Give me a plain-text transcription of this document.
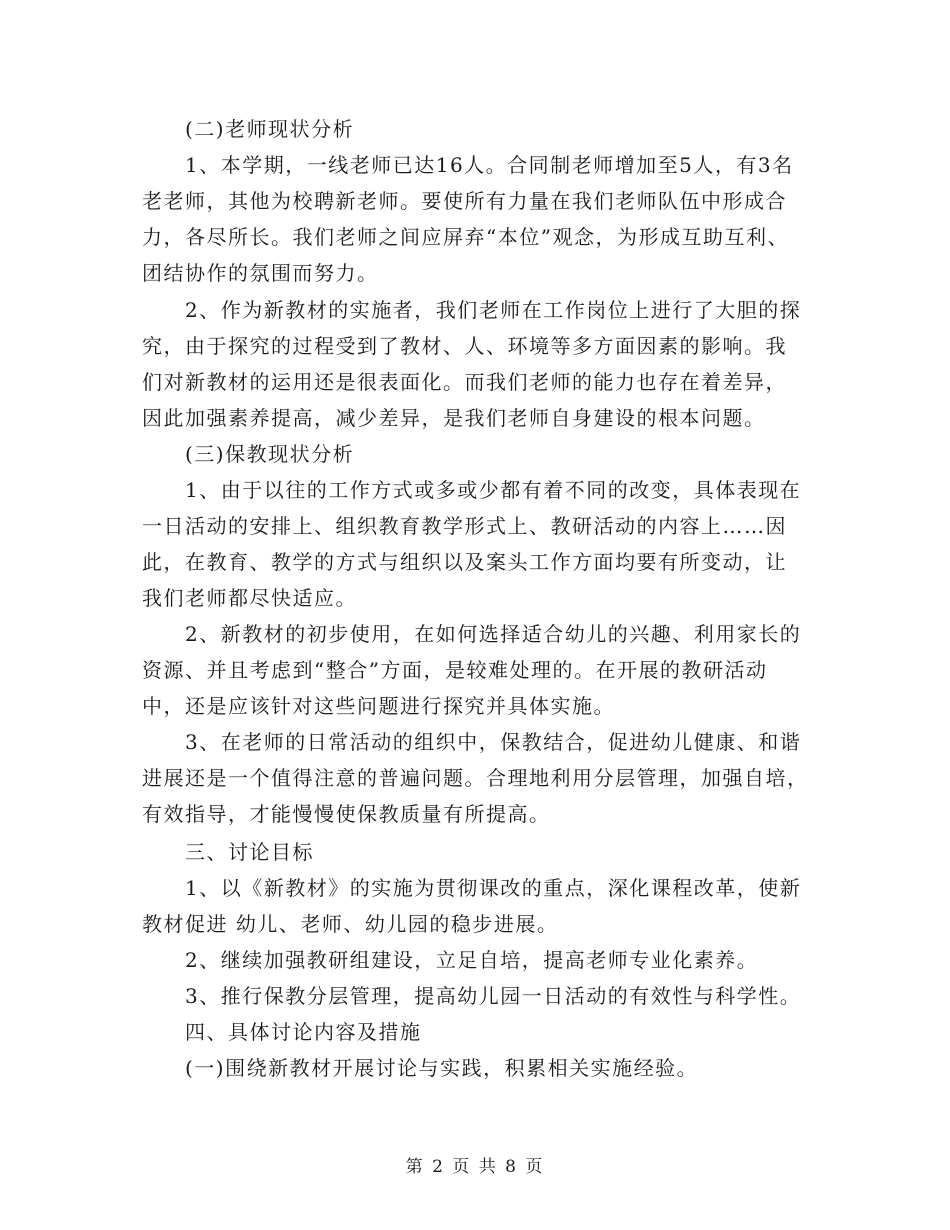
　　(二)老师现状分析
　　1、本学期，一线老师已达16人。合同制老师增加至5人，有3名
老老师，其他为校聘新老师。要使所有力量在我们老师队伍中形成合
力，各尽所长。我们老师之间应屏弃“本位”观念，为形成互助互利、
团结协作的氛围而努力。
　　2、作为新教材的实施者，我们老师在工作岗位上进行了大胆的探
究，由于探究的过程受到了教材、人、环境等多方面因素的影响。我
们对新教材的运用还是很表面化。而我们老师的能力也存在着差异，
因此加强素养提高，减少差异，是我们老师自身建设的根本问题。
　　(三)保教现状分析
　　1、由于以往的工作方式或多或少都有着不同的改变，具体表现在
一日活动的安排上、组织教育教学形式上、教研活动的内容上……因
此，在教育、教学的方式与组织以及案头工作方面均要有所变动，让
我们老师都尽快适应。
　　2、新教材的初步使用，在如何选择适合幼儿的兴趣、利用家长的
资源、并且考虑到“整合”方面，是较难处理的。在开展的教研活动
中，还是应该针对这些问题进行探究并具体实施。
　　3、在老师的日常活动的组织中，保教结合，促进幼儿健康、和谐
进展还是一个值得注意的普遍问题。合理地利用分层管理，加强自培，
有效指导，才能慢慢使保教质量有所提高。
　　三、讨论目标
　　1、以《新教材》的实施为贯彻课改的重点，深化课程改革，使新
教材促进 幼儿、老师、幼儿园的稳步进展。
　　2、继续加强教研组建设，立足自培，提高老师专业化素养。
　　3、推行保教分层管理，提高幼儿园一日活动的有效性与科学性。
　　四、具体讨论内容及措施
　　(一)围绕新教材开展讨论与实践，积累相关实施经验。
第 2 页 共 8 页
